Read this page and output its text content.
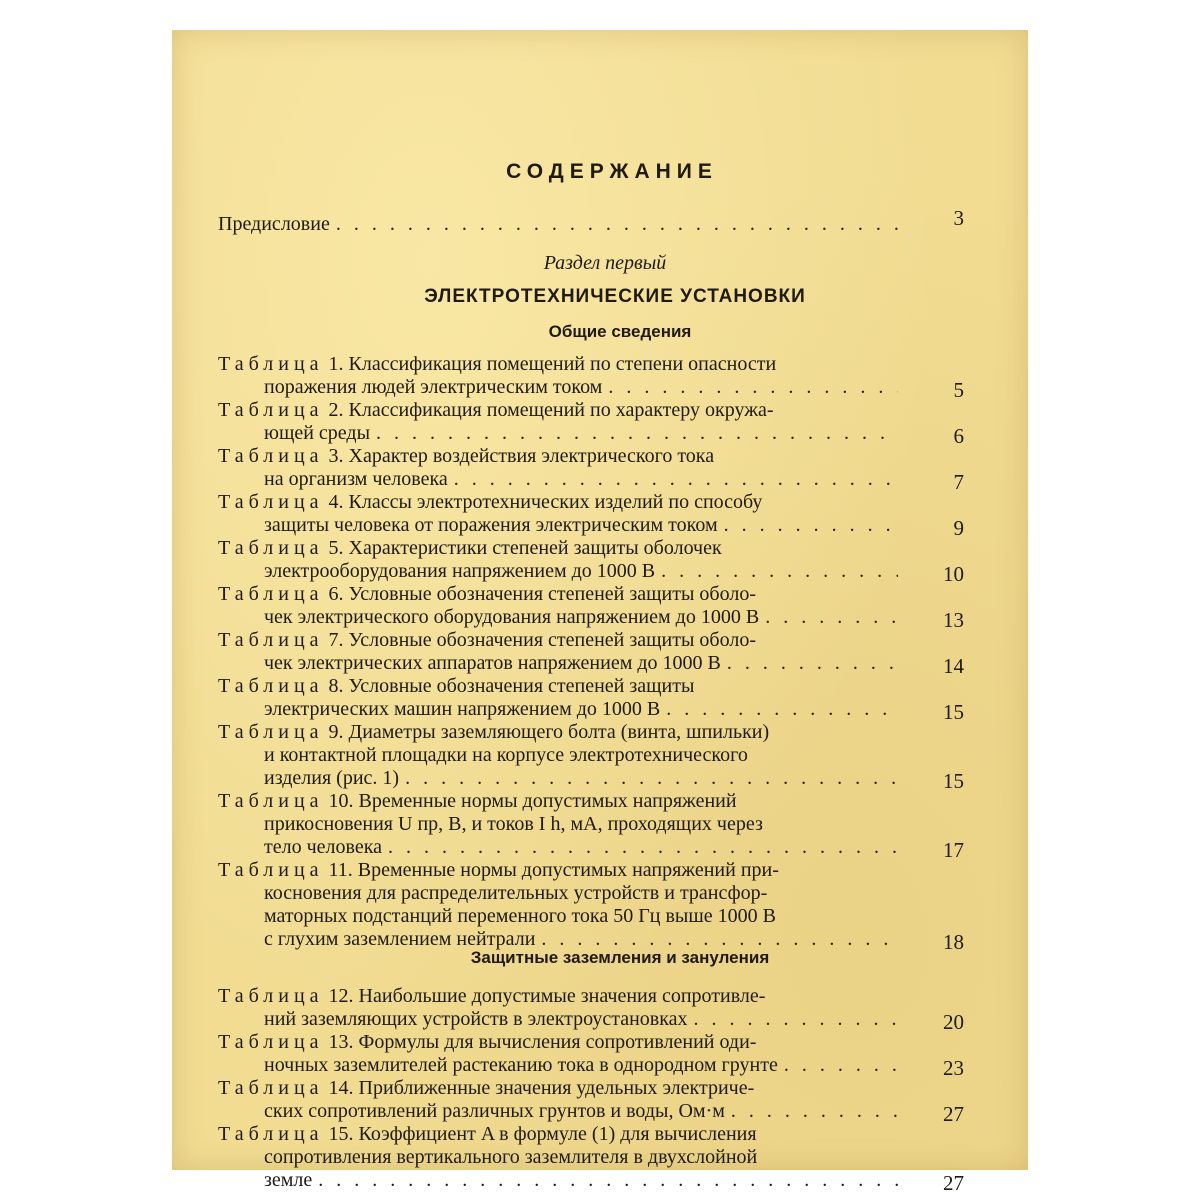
СОДЕРЖАНИЕ
Предисловие . . .	3
Раздел первый
ЭЛЕКТРОТЕХНИЧЕСКИЕ УСТАНОВКИ
Общие сведения
Таблица
1. Классификация помещений по степени опасности
поражения людей электрическим током . . .	5
Таблица
2. Классификация помещений по характеру окружа-
ющей среды . . .	6
Таблица
3. Характер воздействия электрического тока
на организм человека . . .	7
Таблица
4. Классы электротехнических изделий по способу
защиты человека от поражения электрическим током . . .	9
Таблица
5. Характеристики степеней защиты оболочек
электрооборудования напряжением до 1000 В . . .	10
Таблица
6. Условные обозначения степеней защиты оболо-
чек электрического оборудования напряжением до 1000 В . . .	13
Таблица
7. Условные обозначения степеней защиты оболо-
чек электрических аппаратов напряжением до 1000 В . . .	14
Таблица
8. Условные обозначения степеней защиты
электрических машин напряжением до 1000 В . . .	15
Таблица
9. Диаметры заземляющего болта (винта, шпильки)
и контактной площадки на корпусе электротехнического
изделия (рис. 1) . . .	15
Таблица
10. Временные нормы допустимых напряжений
прикосновения U пр, В, и токов I h, мА, проходящих через
тело человека . . .	17
Таблица
11. Временные нормы допустимых напряжений при-
косновения для распределительных устройств и трансфор-
маторных подстанций переменного тока 50 Гц выше 1000 В
с глухим заземлением нейтрали . . .	18
Защитные заземления и зануления
Таблица
12. Наибольшие допустимые значения сопротивле-
ний заземляющих устройств в электроустановках . . .	20
Таблица
13. Формулы для вычисления сопротивлений оди-
ночных заземлителей растеканию тока в однородном грунте . . .	23
Таблица
14. Приближенные значения удельных электриче-
ских сопротивлений различных грунтов и воды, Ом·м . . .	27
Таблица
15. Коэффициент A в формуле (1) для вычисления
сопротивления вертикального заземлителя в двухслойной
земле . . .	27
